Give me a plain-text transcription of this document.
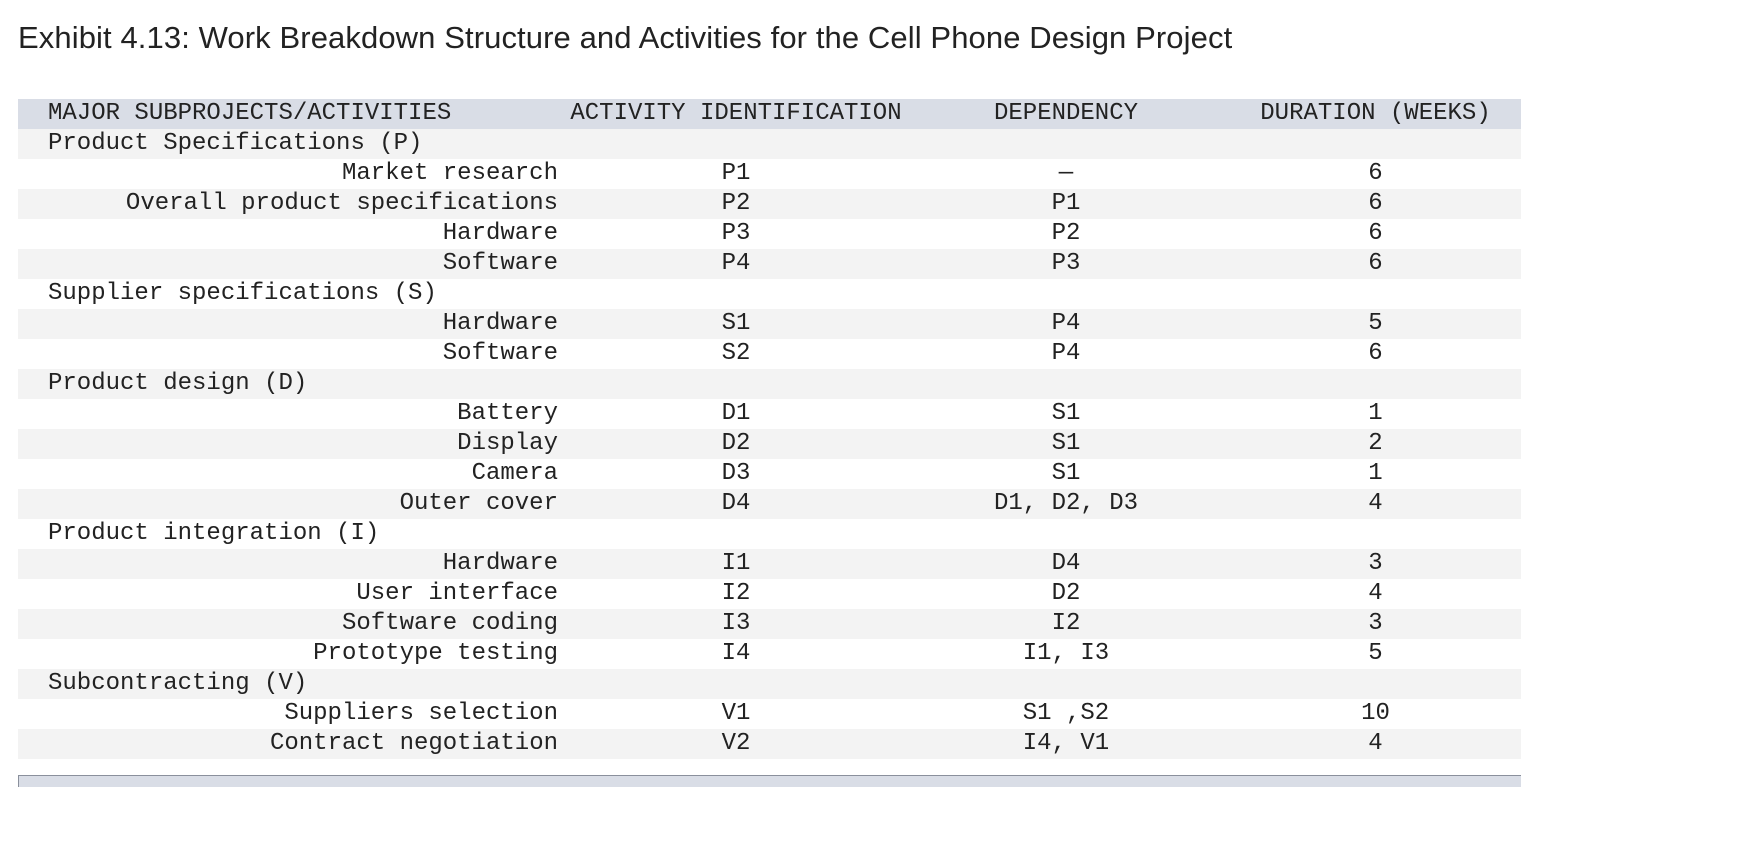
Exhibit 4.13: Work Breakdown Structure and Activities for the Cell Phone Design Project
MAJOR SUBPROJECTS/ACTIVITIES	ACTIVITY IDENTIFICATION	DEPENDENCY	DURATION (WEEKS)
Product Specifications (P)			
Market research	P1	—	6
Overall product specifications	P2	P1	6
Hardware	P3	P2	6
Software	P4	P3	6
Supplier specifications (S)			
Hardware	S1	P4	5
Software	S2	P4	6
Product design (D)			
Battery	D1	S1	1
Display	D2	S1	2
Camera	D3	S1	1
Outer cover	D4	D1, D2, D3	4
Product integration (I)			
Hardware	I1	D4	3
User interface	I2	D2	4
Software coding	I3	I2	3
Prototype testing	I4	I1, I3	5
Subcontracting (V)			
Suppliers selection	V1	S1 ,S2	10
Contract negotiation	V2	I4, V1	4
